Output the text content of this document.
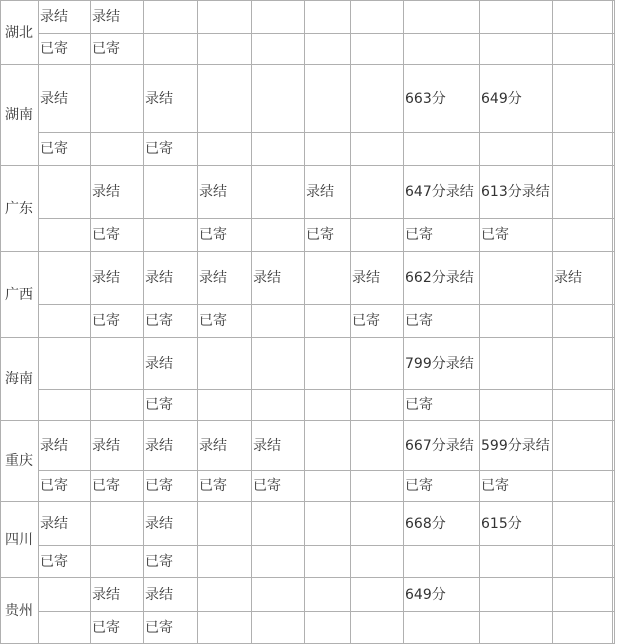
湖北	录结	录结									
	已寄	已寄									
湖南	录结		录结					663分	649分		
	已寄		已寄								
广东		录结		录结		录结		647分录结	613分录结		
		已寄		已寄		已寄		已寄	已寄		
广西		录结	录结	录结	录结		录结	662分录结		录结	
		已寄	已寄	已寄			已寄	已寄			
海南			录结					799分录结			
			已寄					已寄			
重庆	录结	录结	录结	录结	录结			667分录结	599分录结		
	已寄	已寄	已寄	已寄	已寄			已寄	已寄		
四川	录结		录结					668分	615分		
	已寄		已寄								
贵州		录结	录结					649分			
		已寄	已寄								
